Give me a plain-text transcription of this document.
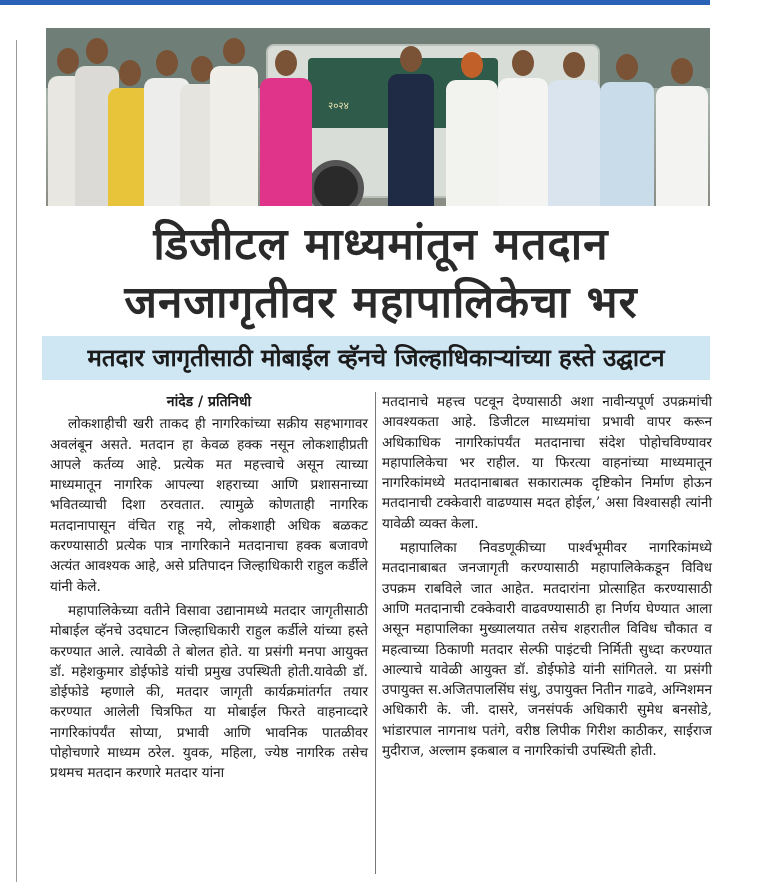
२०२४
डिजीटल माध्यमांतून मतदान
जनजागृतीवर महापालिकेचा भर
मतदार जागृतीसाठी मोबाईल व्हॅनचे जिल्हाधिकाऱ्यांच्या हस्ते उद्घाटन
नांदेड / प्रतिनिधी

लोकशाहीची खरी ताकद ही नागरिकांच्या सक्रीय सहभागावर अवलंबून असते. मतदान हा केवळ हक्क नसून लोकशाहीप्रती आपले कर्तव्य आहे. प्रत्येक मत महत्त्वाचे असून त्याच्या माध्यमातून नागरिक आपल्या शहराच्या आणि प्रशासनाच्या भवितव्याची दिशा ठरवतात. त्यामुळे कोणताही नागरिक मतदानापासून वंचित राहू नये, लोकशाही अधिक बळकट करण्यासाठी प्रत्येक पात्र नागरिकाने मतदानाचा हक्क बजावणे अत्यंत आवश्यक आहे, असे प्रतिपादन जिल्हाधिकारी राहुल कर्डीले यांनी केले.

महापालिकेच्या वतीने विसावा उद्यानामध्ये मतदार जागृतीसाठी मोबाईल व्हॅनचे उदघाटन जिल्हाधिकारी राहुल कर्डीले यांच्या हस्ते करण्यात आले. त्यावेळी ते बोलत होते. या प्रसंगी मनपा आयुक्त डॉ. महेशकुमार डोईफोडे यांची प्रमुख उपस्थिती होती.यावेळी डॉ. डोईफोडे म्हणाले की, मतदार जागृती कार्यक्रमांतर्गत तयार करण्यात आलेली चित्रफित या मोबाईल फिरते वाहनाव्दारे नागरिकांपर्यंत सोप्या, प्रभावी आणि भावनिक पातळीवर पोहोचणारे माध्यम ठरेल. युवक, महिला, ज्येष्ठ नागरिक तसेच प्रथमच मतदान करणारे मतदार यांना

मतदानाचे महत्त्व पटवून देण्यासाठी अशा नावीन्यपूर्ण उपक्रमांची आवश्यकता आहे. डिजीटल माध्यमांचा प्रभावी वापर करून अधिकाधिक नागरिकांपर्यंत मतदानाचा संदेश पोहोचविण्यावर महापालिकेचा भर राहील. या फिरत्या वाहनांच्या माध्यमातून नागरिकांमध्ये मतदानाबाबत सकारात्मक दृष्टिकोन निर्माण होऊन मतदानाची टक्केवारी वाढण्यास मदत होईल,’ असा विश्वासही त्यांनी यावेळी व्यक्त केला.

महापालिका निवडणूकीच्या पार्श्वभूमीवर नागरिकांमध्ये मतदानाबाबत जनजागृती करण्यासाठी महापालिकेकडून विविध उपक्रम राबविले जात आहेत. मतदारांना प्रोत्साहित करण्यासाठी आणि मतदानाची टक्केवारी वाढवण्यासाठी हा निर्णय घेण्यात आला असून महापालिका मुख्यालयात तसेच शहरातील विविध चौकात व महत्वाच्या ठिकाणी मतदार सेल्फी पाइंटची निर्मिती सुध्दा करण्यात आल्याचे यावेळी आयुक्त डॉ. डोईफोडे यांनी सांगितले. या प्रसंगी उपायुक्त स.अजितपालसिंघ संधु, उपायुक्त नितीन गाढवे, अग्निशमन अधिकारी के. जी. दासरे, जनसंपर्क अधिकारी सुमेध बनसोडे, भांडारपाल नागनाथ पतंगे, वरीष्ठ लिपीक गिरीश काठीकर, साईराज मुदीराज, अल्लाम इकबाल व नागरिकांची उपस्थिती होती.
